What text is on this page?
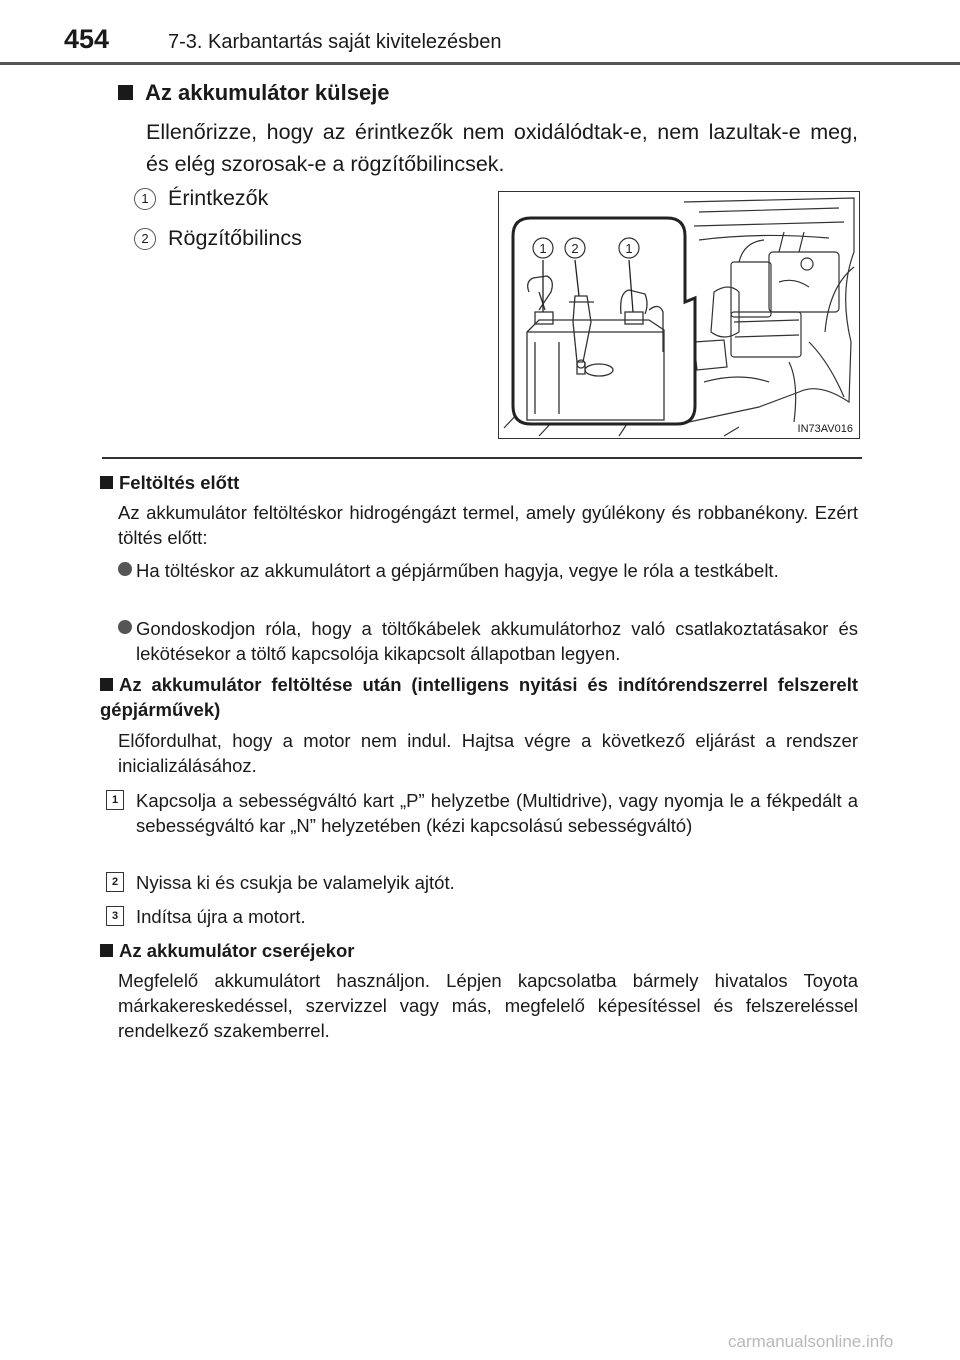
454	7-3. Karbantartás saját kivitelezésben
Az akkumulátor külseje
Ellenőrizze, hogy az érintkezők nem oxidálódtak-e, nem lazultak-e meg, és elég szorosak-e a rögzítőbilincsek.
1 Érintkezők
2 Rögzítőbilincs	1 2	1
IN73AV016
Feltöltés előtt
Az akkumulátor feltöltéskor hidrogéngázt termel, amely gyúlékony és robbanékony. Ezért töltés előtt:
Ha töltéskor az akkumulátort a gépjárműben hagyja, vegye le róla a testkábelt.
Gondoskodjon róla, hogy a töltőkábelek akkumulátorhoz való csatlakoztatásakor és lekötésekor a töltő kapcsolója kikapcsolt állapotban legyen.
Az akkumulátor feltöltése után (intelligens nyitási és indítórendszerrel felszerelt gépjárművek)
Előfordulhat, hogy a motor nem indul. Hajtsa végre a következő eljárást a rendszer inicializálásához.
1 Kapcsolja a sebességváltó kart „P” helyzetbe (Multidrive), vagy nyomja le a fékpedált a sebességváltó kar „N” helyzetében (kézi kapcsolású sebességváltó)
2 Nyissa ki és csukja be valamelyik ajtót.
3 Indítsa újra a motort.
Az akkumulátor cseréjekor
Megfelelő akkumulátort használjon. Lépjen kapcsolatba bármely hivatalos Toyota márkakereskedéssel, szervizzel vagy más, megfelelő képesítéssel és felszereléssel rendelkező szakemberrel.
carmanualsonline.info
